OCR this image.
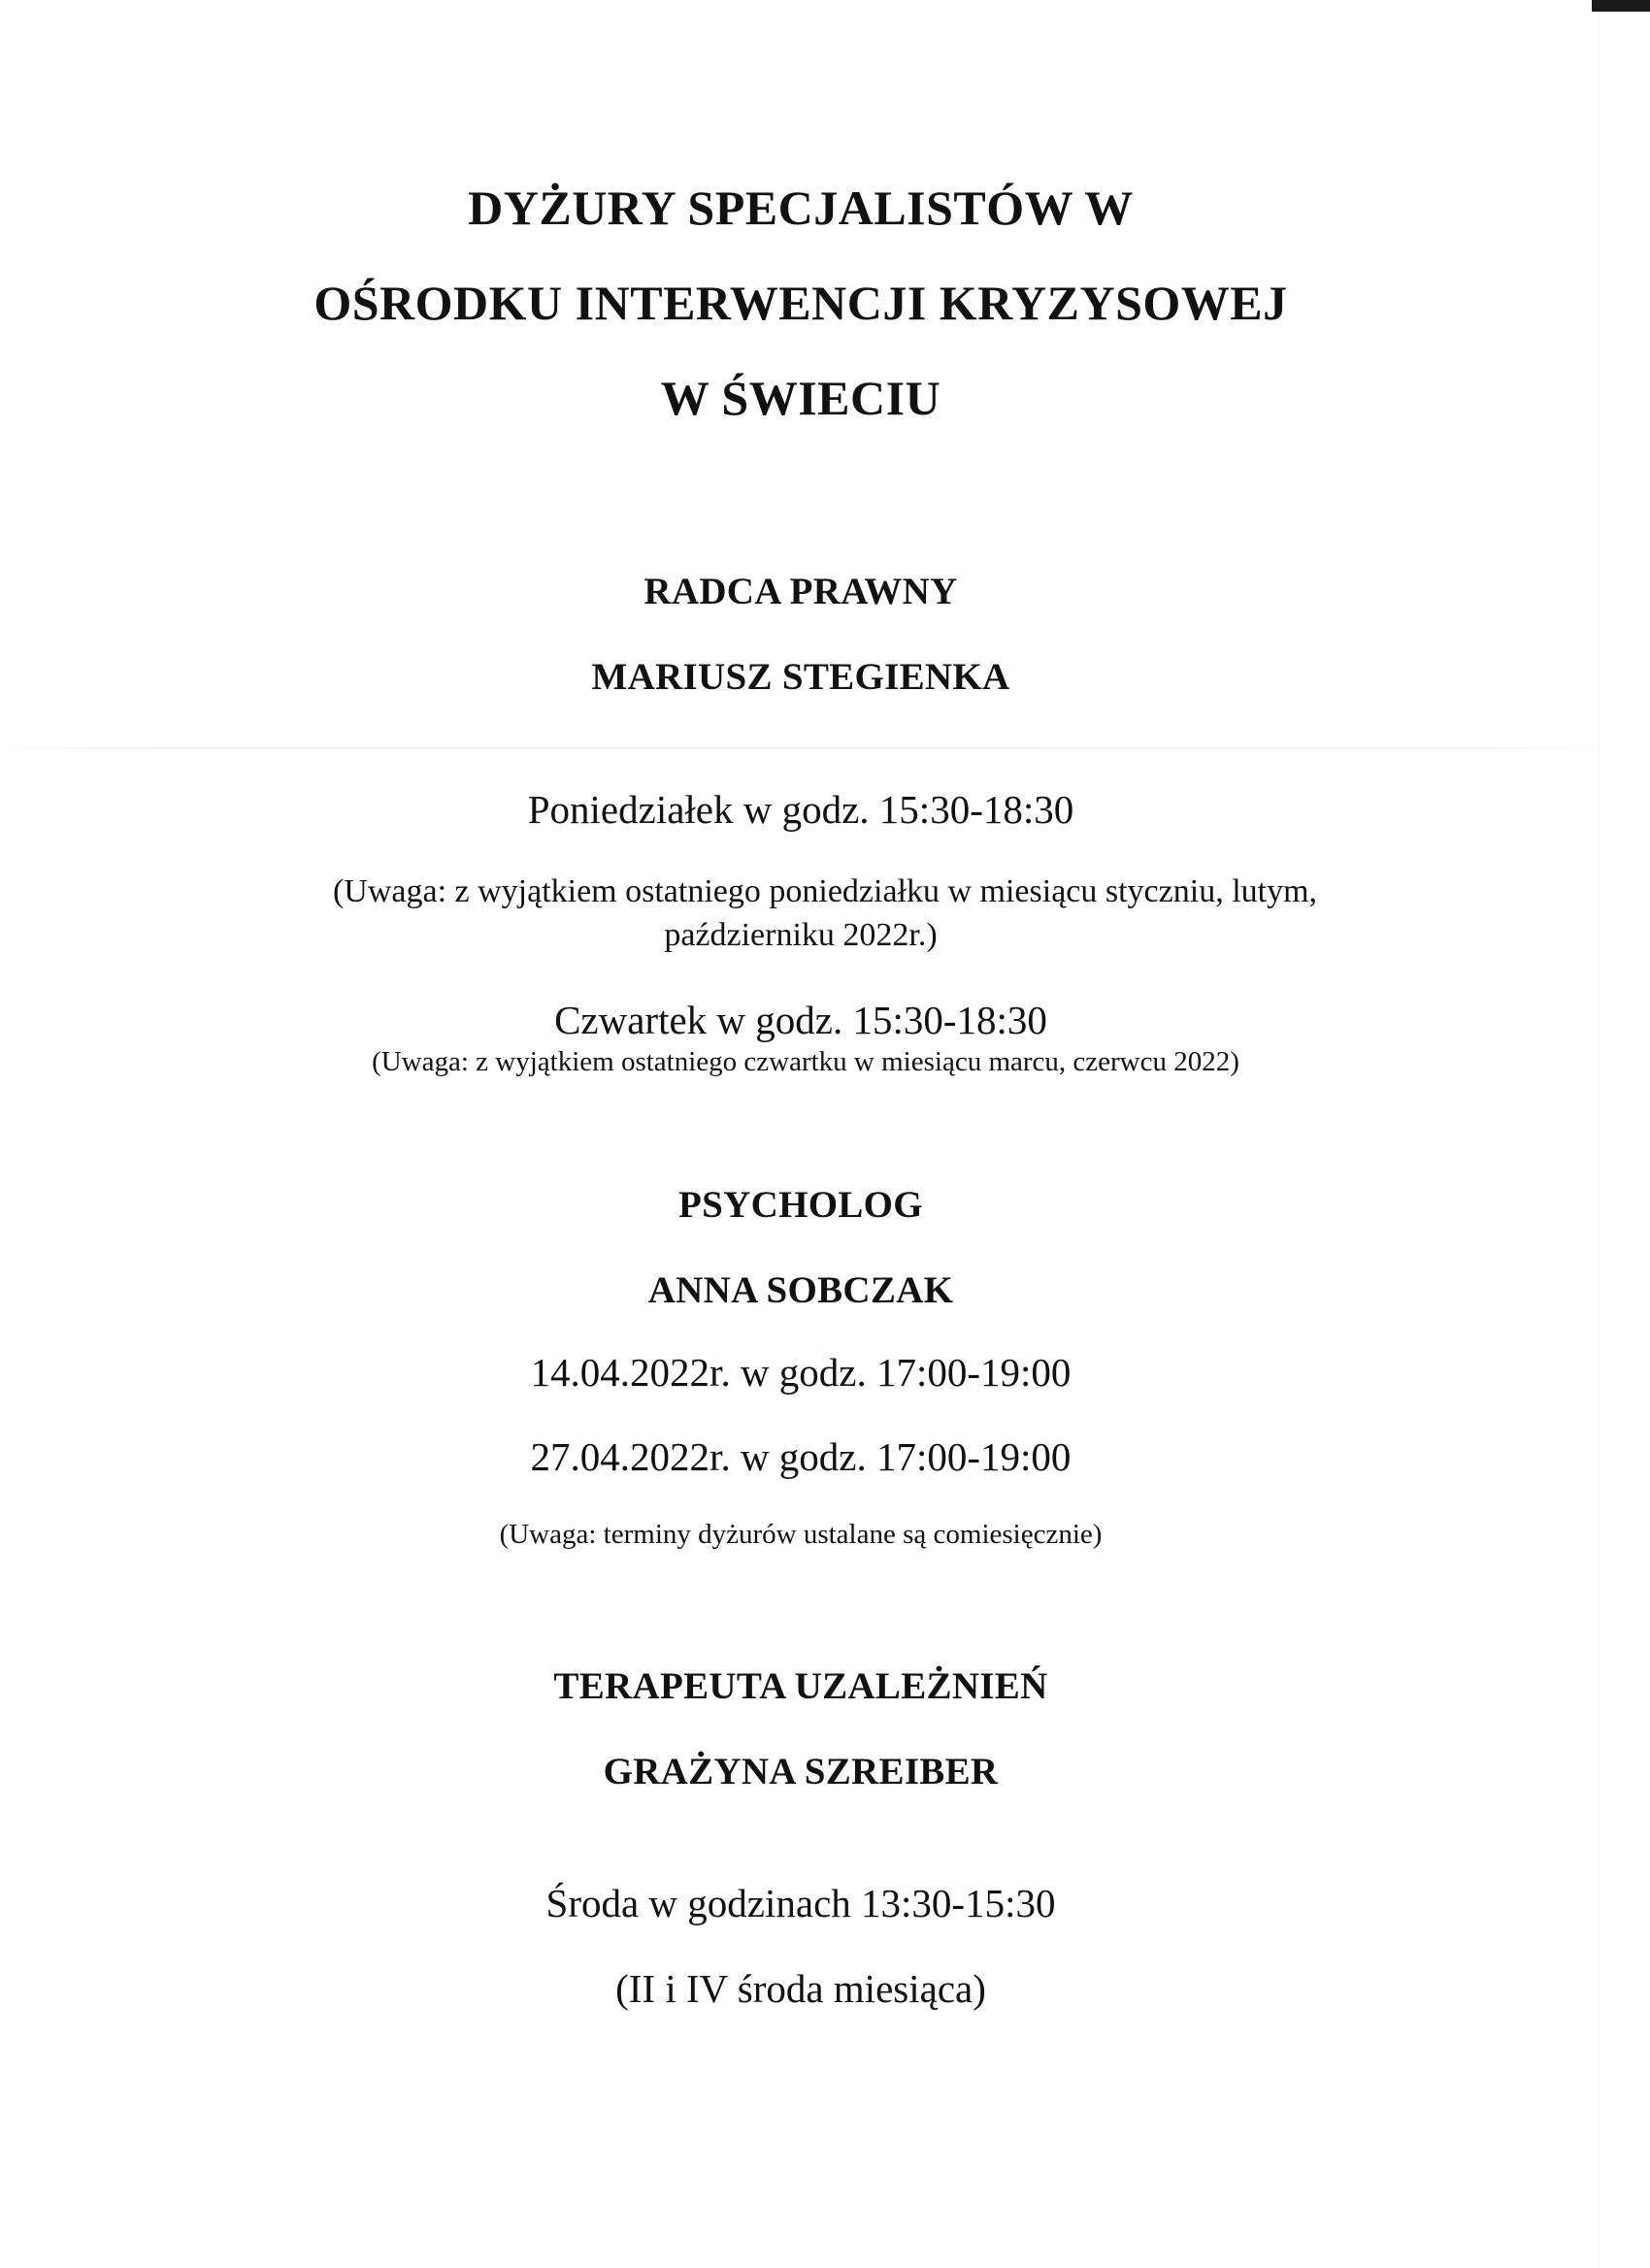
DYŻURY SPECJALISTÓW W
OŚRODKU INTERWENCJI KRYZYSOWEJ
W ŚWIECIU
RADCA PRAWNY
MARIUSZ STEGIENKA
Poniedziałek w godz. 15:30-18:30
(Uwaga: z wyjątkiem ostatniego poniedziałku w miesiącu styczniu, lutym,
październiku 2022r.)
Czwartek w godz. 15:30-18:30
(Uwaga: z wyjątkiem ostatniego czwartku w miesiącu marcu, czerwcu 2022)
PSYCHOLOG
ANNA SOBCZAK
14.04.2022r. w godz. 17:00-19:00
27.04.2022r. w godz. 17:00-19:00
(Uwaga: terminy dyżurów ustalane są comiesięcznie)
TERAPEUTA UZALEŻNIEŃ
GRAŻYNA SZREIBER
Środa w godzinach 13:30-15:30
(II i IV środa miesiąca)
